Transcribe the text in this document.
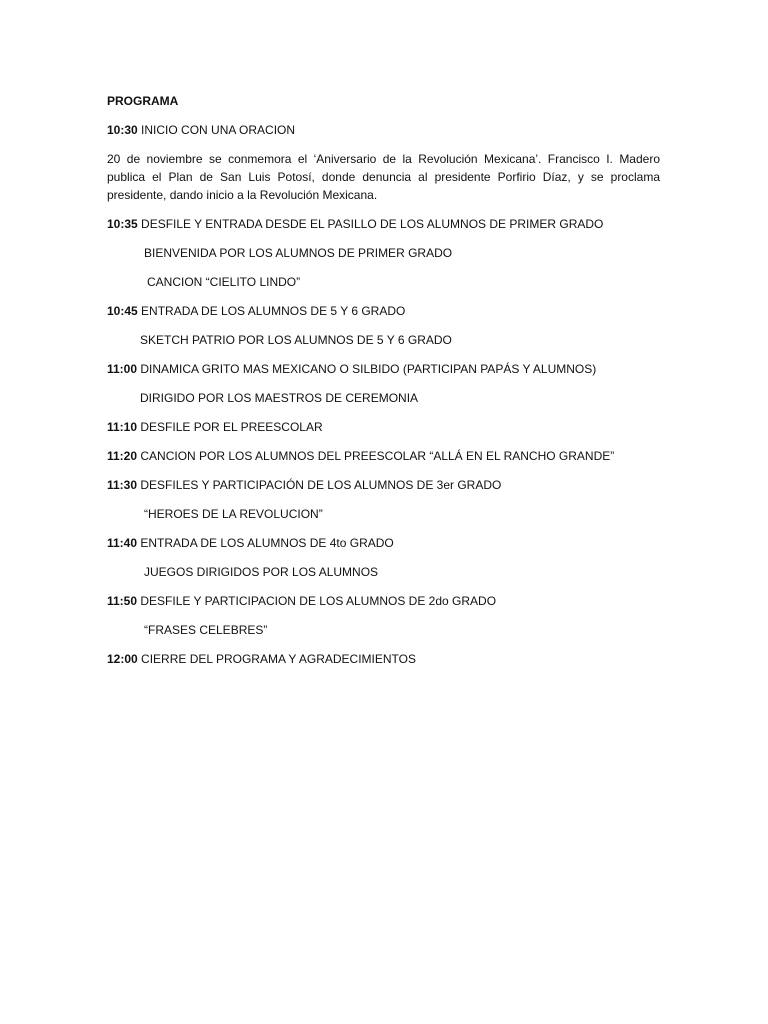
PROGRAMA

10:30 INICIO CON UNA ORACION

20 de noviembre se conmemora el ‘Aniversario de la Revolución Mexicana’. Francisco I. Madero publica el Plan de San Luis Potosí, donde denuncia al presidente Porfirio Díaz, y se proclama presidente, dando inicio a la Revolución Mexicana.

10:35 DESFILE Y ENTRADA DESDE EL PASILLO DE LOS ALUMNOS DE PRIMER GRADO

BIENVENIDA POR LOS ALUMNOS DE PRIMER GRADO

CANCION “CIELITO LINDO”

10:45 ENTRADA DE LOS ALUMNOS DE 5 Y 6 GRADO

SKETCH PATRIO POR LOS ALUMNOS DE 5 Y 6 GRADO

11:00 DINAMICA GRITO MAS MEXICANO O SILBIDO (PARTICIPAN PAPÁS Y ALUMNOS)

DIRIGIDO POR LOS MAESTROS DE CEREMONIA

11:10 DESFILE POR EL PREESCOLAR

11:20 CANCION POR LOS ALUMNOS DEL PREESCOLAR “ALLÁ EN EL RANCHO GRANDE”

11:30 DESFILES Y PARTICIPACIÓN DE LOS ALUMNOS DE 3er GRADO

“HEROES DE LA REVOLUCION”

11:40 ENTRADA DE LOS ALUMNOS DE 4to GRADO

JUEGOS DIRIGIDOS POR LOS ALUMNOS

11:50 DESFILE Y PARTICIPACION DE LOS ALUMNOS DE 2do GRADO

“FRASES CELEBRES”

12:00 CIERRE DEL PROGRAMA Y AGRADECIMIENTOS
